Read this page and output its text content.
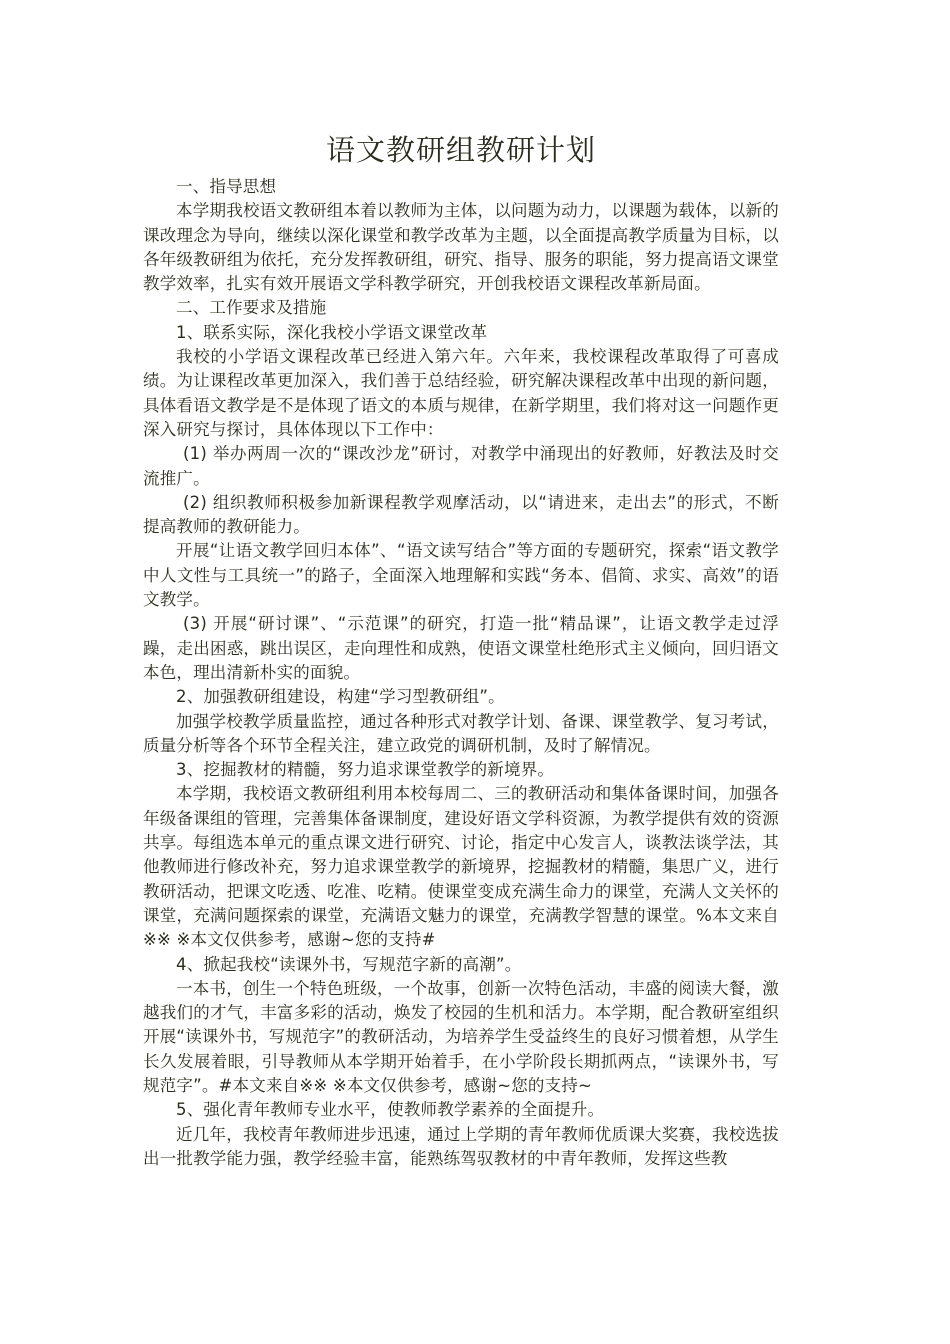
语文教研组教研计划

一、指导思想

本学期我校语文教研组本着以教师为主体，以问题为动力，以课题为载体，以新的课改理念为导向，继续以深化课堂和教学改革为主题，以全面提高教学质量为目标，以各年级教研组为依托，充分发挥教研组，研究、指导、服务的职能，努力提高语文课堂教学效率，扎实有效开展语文学科教学研究，开创我校语文课程改革新局面。

二、工作要求及措施

1、联系实际，深化我校小学语文课堂改革

我校的小学语文课程改革已经进入第六年。六年来，我校课程改革取得了可喜成绩。为让课程改革更加深入，我们善于总结经验，研究解决课程改革中出现的新问题，具体看语文教学是不是体现了语文的本质与规律，在新学期里，我们将对这一问题作更深入研究与探讨，具体体现以下工作中：

(1) 举办两周一次的“课改沙龙”研讨，对教学中涌现出的好教师，好教法及时交流推广。

(2) 组织教师积极参加新课程教学观摩活动，以“请进来，走出去”的形式，不断提高教师的教研能力。

开展“让语文教学回归本体”、“语文读写结合”等方面的专题研究，探索“语文教学中人文性与工具统一”的路子，全面深入地理解和实践“务本、倡简、求实、高效”的语文教学。

(3) 开展“研讨课”、“示范课”的研究，打造一批“精品课”，让语文教学走过浮躁，走出困惑，跳出误区，走向理性和成熟，使语文课堂杜绝形式主义倾向，回归语文本色，理出清新朴实的面貌。

2、加强教研组建设，构建“学习型教研组”。

加强学校教学质量监控，通过各种形式对教学计划、备课、课堂教学、复习考试，质量分析等各个环节全程关注，建立政党的调研机制，及时了解情况。

3、挖掘教材的精髓，努力追求课堂教学的新境界。

本学期，我校语文教研组利用本校每周二、三的教研活动和集体备课时间，加强各年级备课组的管理，完善集体备课制度，建设好语文学科资源，为教学提供有效的资源共享。每组选本单元的重点课文进行研究、讨论，指定中心发言人，谈教法谈学法，其他教师进行修改补充，努力追求课堂教学的新境界，挖掘教材的精髓，集思广义，进行教研活动，把课文吃透、吃准、吃精。使课堂变成充满生命力的课堂，充满人文关怀的课堂，充满问题探索的课堂，充满语文魅力的课堂，充满教学智慧的课堂。%本文来自※※ ※本文仅供参考，感谢~您的支持#

4、掀起我校“读课外书，写规范字新的高潮”。

一本书，创生一个特色班级，一个故事，创新一次特色活动，丰盛的阅读大餐，激越我们的才气，丰富多彩的活动，焕发了校园的生机和活力。本学期，配合教研室组织开展“读课外书，写规范字”的教研活动，为培养学生受益终生的良好习惯着想，从学生长久发展着眼，引导教师从本学期开始着手，在小学阶段长期抓两点，“读课外书，写规范字”。#本文来自※※ ※本文仅供参考，感谢~您的支持~

5、强化青年教师专业水平，使教师教学素养的全面提升。

近几年，我校青年教师进步迅速，通过上学期的青年教师优质课大奖赛，我校选拔出一批教学能力强，教学经验丰富，能熟练驾驭教材的中青年教师，发挥这些教
